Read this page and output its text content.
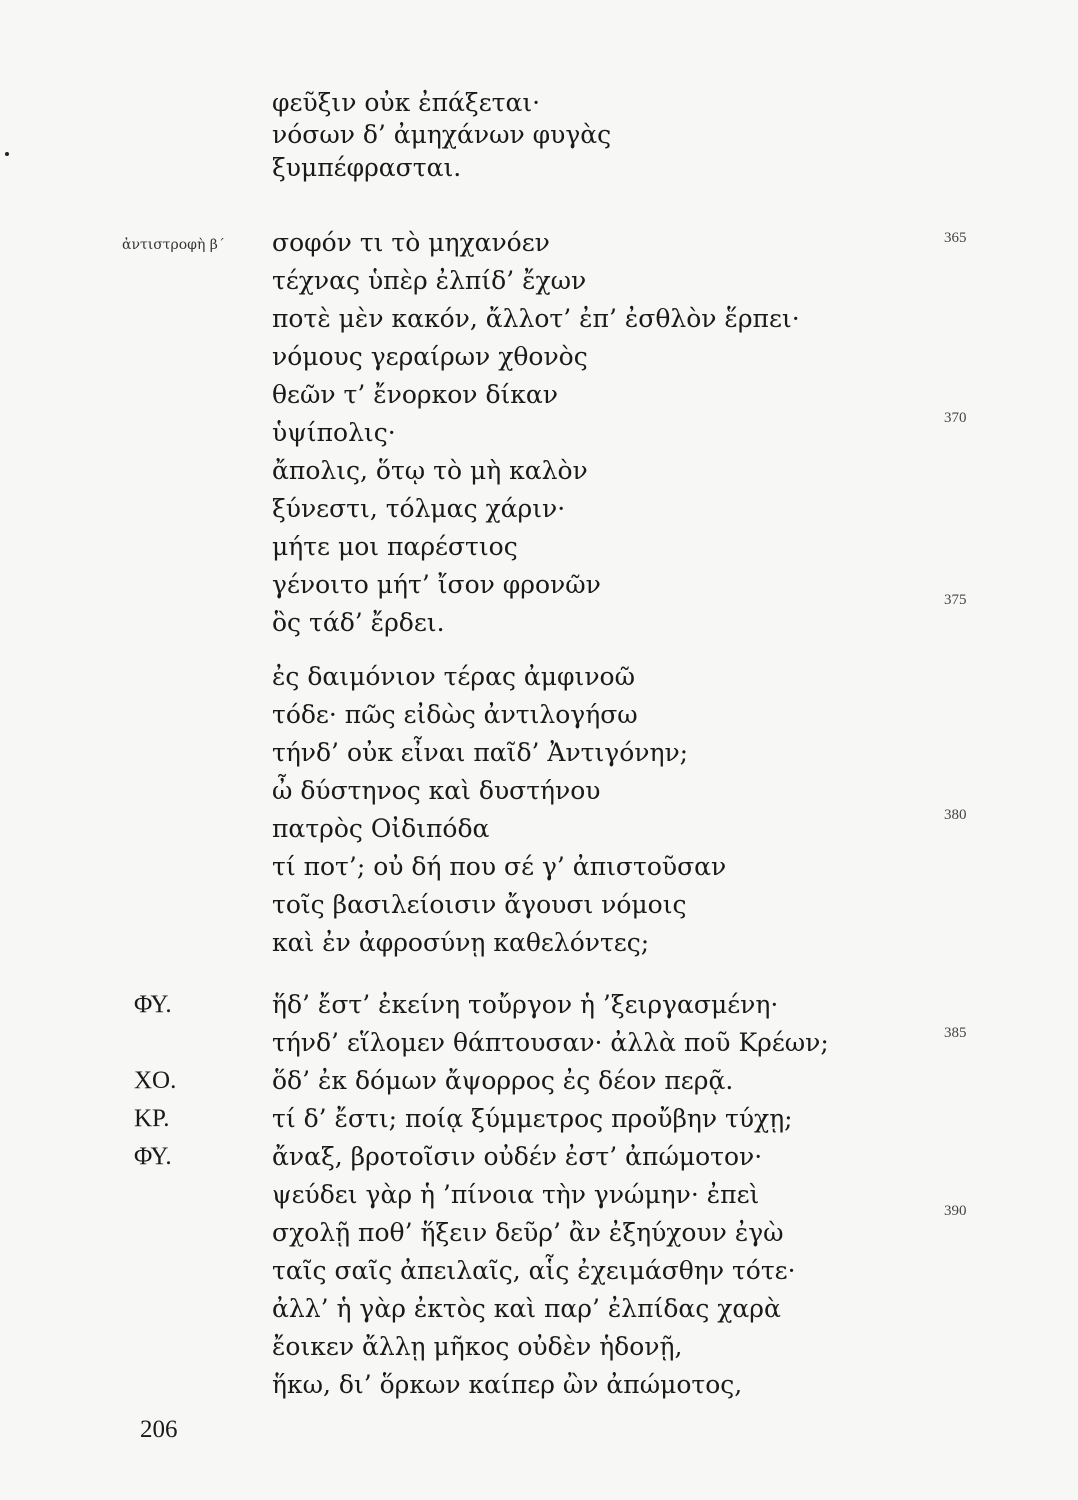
φεῦξιν οὐκ ἐπάξεται·
νόσων δ’ ἀμηχάνων φυγὰς
ξυμπέφρασται.
ἀντιστροφὴ β´ σοφόν τι τὸ μηχανόεν
τέχνας ὑπὲρ ἐλπίδ’ ἔχων
ποτὲ μὲν κακόν, ἄλλοτ’ ἐπ’ ἐσθλὸν ἕρπει·
νόμους γεραίρων χθονὸς
θεῶν τ’ ἔνορκον δίκαν
ὑψίπολις·
ἄπολις, ὅτῳ τὸ μὴ καλὸν
ξύνεστι, τόλμας χάριν·
μήτε μοι παρέστιος
γένοιτο μήτ’ ἴσον φρονῶν
ὃς τάδ’ ἔρδει.
ἐς δαιμόνιον τέρας ἀμφινοῶ
τόδε· πῶς εἰδὼς ἀντιλογήσω
τήνδ’ οὐκ εἶναι παῖδ’ Ἀντιγόνην;
ὦ δύστηνος καὶ δυστήνου
πατρὸς Οἰδιπόδα
τί ποτ’; οὐ δή που σέ γ’ ἀπιστοῦσαν
τοῖς βασιλείοισιν ἄγουσι νόμοις
καὶ ἐν ἀφροσύνῃ καθελόντες;
ΦΥ.	ἥδ’ ἔστ’ ἐκείνη τοὔργον ἡ ’ξειργασμένη·
τήνδ’ εἵλομεν θάπτουσαν· ἀλλὰ ποῦ Κρέων;
ΧΟ.	ὅδ’ ἐκ δόμων ἄψορρος ἐς δέον περᾷ.
ΚΡ.	τί δ’ ἔστι; ποίᾳ ξύμμετρος προὔβην τύχῃ;
ΦΥ.	ἄναξ, βροτοῖσιν οὐδέν ἐστ’ ἀπώμοτον·
ψεύδει γὰρ ἡ ’πίνοια τὴν γνώμην· ἐπεὶ
σχολῇ ποθ’ ἥξειν δεῦρ’ ἂν ἐξηύχουν ἐγὼ
ταῖς σαῖς ἀπειλαῖς, αἷς ἐχειμάσθην τότε·
ἀλλ’ ἡ γὰρ ἐκτὸς καὶ παρ’ ἐλπίδας χαρὰ
ἔοικεν ἄλλῃ μῆκος οὐδὲν ἡδονῇ,
ἥκω, δι’ ὅρκων καίπερ ὢν ἀπώμοτος,
365
370
375
380
385
390
206
